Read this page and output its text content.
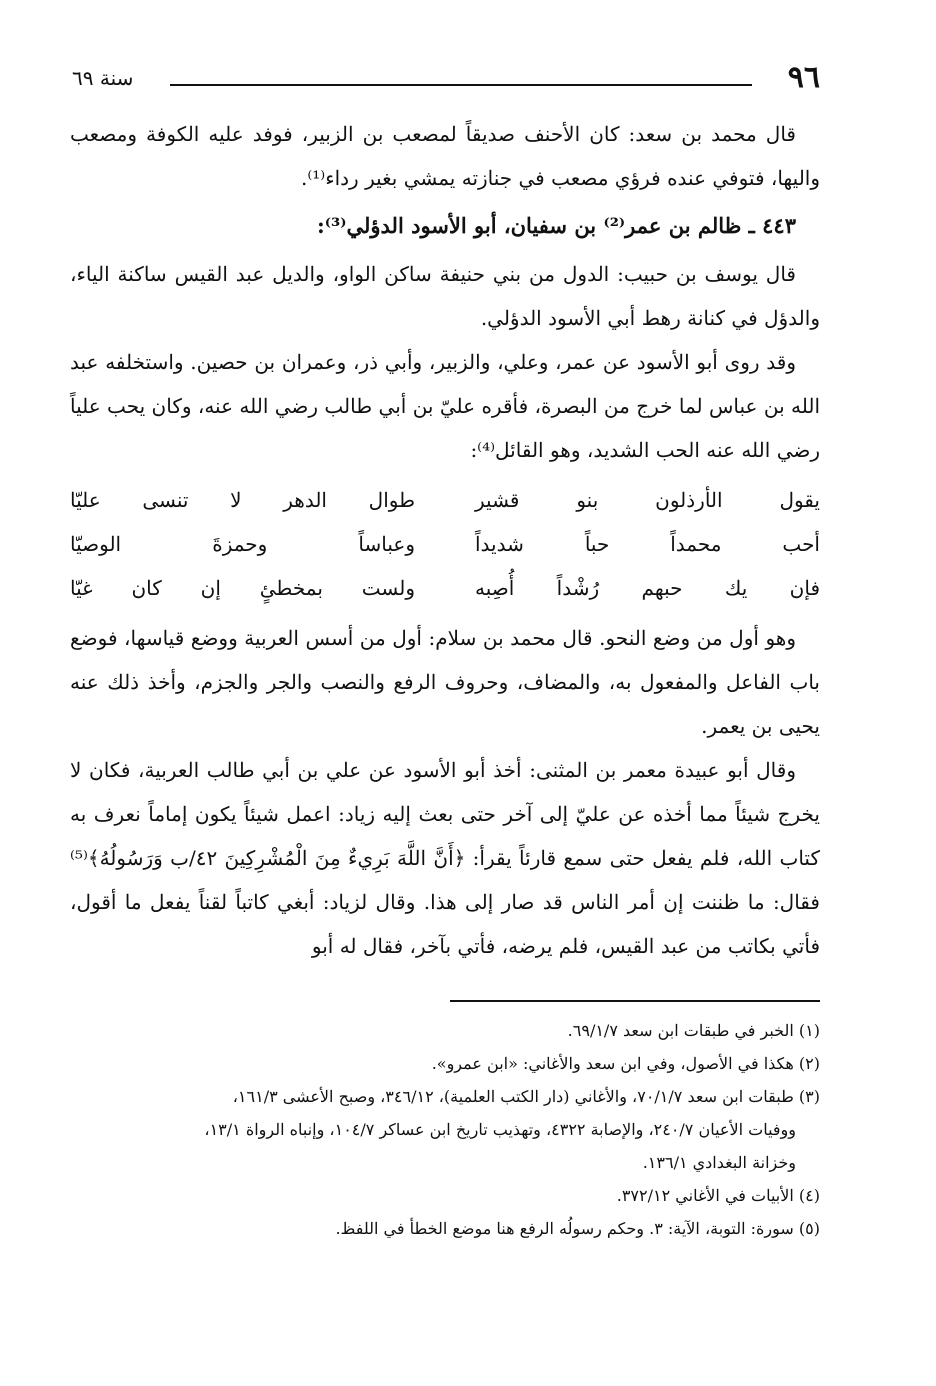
٩٦
سنة ٦٩

قال محمد بن سعد: كان الأحنف صديقاً لمصعب بن الزبير، فوفد عليه الكوفة ومصعب واليها، فتوفي عنده فرؤي مصعب في جنازته يمشي بغير رداء⁽¹⁾.

٤٤٣ ـ ظالم بن عمر⁽²⁾ بن سفيان، أبو الأسود الدؤلي⁽³⁾:

قال يوسف بن حبيب: الدول من بني حنيفة ساكن الواو، والديل عبد القيس ساكنة الياء، والدؤل في كنانة رهط أبي الأسود الدؤلي.

وقد روى أبو الأسود عن عمر، وعلي، والزبير، وأبي ذر، وعمران بن حصين. واستخلفه عبد الله بن عباس لما خرج من البصرة، فأقره عليّ بن أبي طالب رضي الله عنه، وكان يحب علياً رضي الله عنه الحب الشديد، وهو القائل⁽⁴⁾:

يقول الأرذلون بنو قشير
طوال الدهر لا تنسى عليّا
أحب محمداً حباً شديداً
وعباساً وحمزةَ الوصيّا
فإن يك حبهم رُشْداً أُصِبه
ولست بمخطئٍ إن كان غيّا

وهو أول من وضع النحو. قال محمد بن سلام: أول من أسس العربية ووضع قياسها، فوضع باب الفاعل والمفعول به، والمضاف، وحروف الرفع والنصب والجر والجزم، وأخذ ذلك عنه يحيى بن يعمر.

وقال أبو عبيدة معمر بن المثنى: أخذ أبو الأسود عن علي بن أبي طالب العربية، فكان لا يخرج شيئاً مما أخذه عن عليّ إلى آخر حتى بعث إليه زياد: اعمل شيئاً يكون إماماً نعرف به كتاب الله، فلم يفعل حتى سمع قارئاً يقرأ: ﴿أَنَّ اللَّهَ بَرِيءٌ مِنَ الْمُشْرِكِينَ ٤٢/ب وَرَسُولُهُ﴾⁽⁵⁾ فقال: ما ظننت إن أمر الناس قد صار إلى هذا. وقال لزياد: أبغي كاتباً لقناً يفعل ما أقول، فأتي بكاتب من عبد القيس، فلم يرضه، فأتي بآخر، فقال له أبو

(١) الخبر في طبقات ابن سعد ٦٩/١/٧.

(٢) هكذا في الأصول، وفي ابن سعد والأغاني: «ابن عمرو».

(٣) طبقات ابن سعد ٧٠/١/٧، والأغاني (دار الكتب العلمية)، ٣٤٦/١٢، وصبح الأعشى ١٦١/٣،

ووفيات الأعيان ٢٤٠/٧، والإصابة ٤٣٢٢، وتهذيب تاريخ ابن عساكر ١٠٤/٧، وإنباه الرواة ١٣/١،

وخزانة البغدادي ١٣٦/١.

(٤) الأبيات في الأغاني ٣٧٢/١٢.

(٥) سورة: التوبة، الآية: ٣. وحكم رسولُه الرفع هنا موضع الخطأ في اللفظ.
